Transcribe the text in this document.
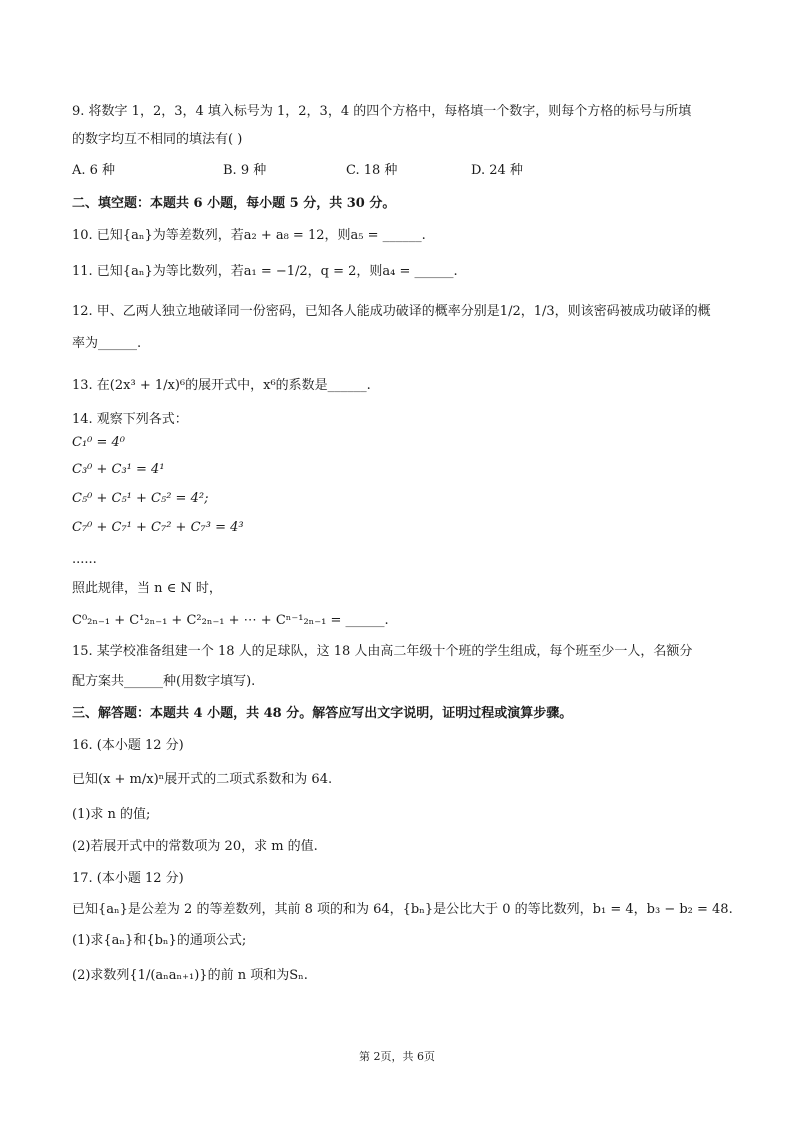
9. 将数字 1，2，3，4 填入标号为 1，2，3，4 的四个方格中，每格填一个数字，则每个方格的标号与所填
的数字均互不相同的填法有( )
A. 6 种	B. 9 种	C. 18 种	D. 24 种
二、填空题：本题共 6 小题，每小题 5 分，共 30 分。
10. 已知{aₙ}为等差数列，若a₂ + a₈ = 12，则a₅ = ______.
11. 已知{aₙ}为等比数列，若a₁ = −1/2，q = 2，则a₄ = ______.
12. 甲、乙两人独立地破译同一份密码，已知各人能成功破译的概率分别是1/2，1/3，则该密码被成功破译的概
率为______.
13. 在(2x³ + 1/x)⁶的展开式中，x⁶的系数是______.
14. 观察下列各式：
C₁⁰ = 4⁰
C₃⁰ + C₃¹ = 4¹
C₅⁰ + C₅¹ + C₅² = 4²;
C₇⁰ + C₇¹ + C₇² + C₇³ = 4³
......
照此规律，当 n ∈ N 时，
C⁰₂ₙ₋₁ + C¹₂ₙ₋₁ + C²₂ₙ₋₁ + ⋯ + Cⁿ⁻¹₂ₙ₋₁ = ______.
15. 某学校准备组建一个 18 人的足球队，这 18 人由高二年级十个班的学生组成，每个班至少一人，名额分
配方案共______种(用数字填写).
三、解答题：本题共 4 小题，共 48 分。解答应写出文字说明，证明过程或演算步骤。
16. (本小题 12 分)
已知(x + m/x)ⁿ展开式的二项式系数和为 64.
(1)求 n 的值;
(2)若展开式中的常数项为 20，求 m 的值.
17. (本小题 12 分)
已知{aₙ}是公差为 2 的等差数列，其前 8 项的和为 64，{bₙ}是公比大于 0 的等比数列，b₁ = 4，b₃ − b₂ = 48.
(1)求{aₙ}和{bₙ}的通项公式;
(2)求数列{1/(aₙaₙ₊₁)}的前 n 项和为Sₙ.
第 2页，共 6页
